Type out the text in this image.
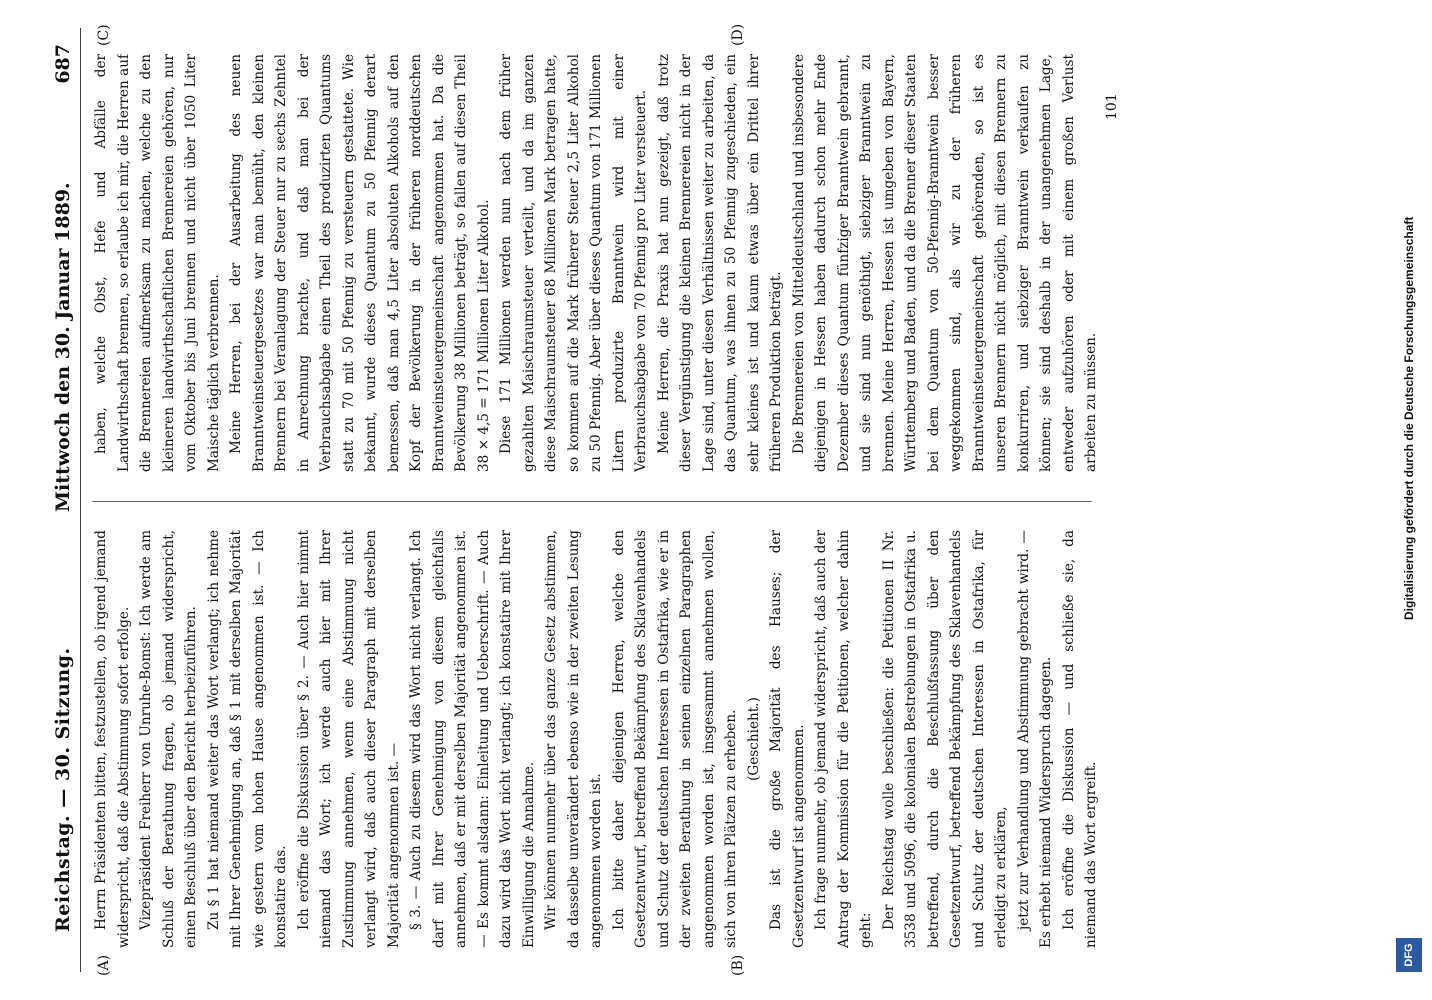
Reichstag. — 30. Sitzung.
Mittwoch den 30. Januar 1889.
687
(A)	(B)
(C)	(D)

Herrn Präsidenten bitten, festzustellen, ob irgend jemand widerspricht, daß die Abstimmung sofort erfolge. Vizepräsident Freiherr von Unruhe-Bomst: Ich werde am Schluß der Berathung fragen, ob jemand widerspricht, einen Beschluß über den Bericht herbeizuführen. Zu § 1 hat niemand weiter das Wort verlangt; ich nehme mit Ihrer Genehmigung an, daß § 1 mit derselben Majorität wie gestern vom hohen Hause angenommen ist. — Ich konstatire das. Ich eröffne die Diskussion über § 2. — Auch hier nimmt niemand das Wort; ich werde auch hier mit Ihrer Zustimmung annehmen, wenn eine Abstimmung nicht verlangt wird, daß auch dieser Paragraph mit derselben Majorität angenommen ist. — § 3. — Auch zu diesem wird das Wort nicht verlangt. Ich darf mit Ihrer Genehmigung von diesem gleichfalls annehmen, daß er mit derselben Majorität angenommen ist. — Es kommt alsdann: Einleitung und Ueberschrift. — Auch dazu wird das Wort nicht verlangt; ich konstatire mit Ihrer Einwilligung die Annahme. Wir können nunmehr über das ganze Gesetz abstimmen, da dasselbe unverändert ebenso wie in der zweiten Lesung angenommen worden ist. Ich bitte daher diejenigen Herren, welche den Gesetzentwurf, betreffend Bekämpfung des Sklavenhandels und Schutz der deutschen Interessen in Ostafrika, wie er in der zweiten Berathung in seinen einzelnen Paragraphen angenommen worden ist, insgesammt annehmen wollen, sich von ihren Plätzen zu erheben. (Geschieht.) Das ist die große Majorität des Hauses; der Gesetzentwurf ist angenommen. Ich frage nunmehr, ob jemand widerspricht, daß auch der Antrag der Kommission für die Petitionen, welcher dahin geht:

Der Reichstag wolle beschließen: die Petitionen II Nr. 3538 und 5096, die kolonialen Bestrebungen in Ostafrika u. betreffend, durch die Beschlußfassung über den Gesetzentwurf, betreffend Bekämpfung des Sklavenhandels und Schutz der deutschen Interessen in Ostafrika, für erledigt zu erklären, jetzt zur Verhandlung und Abstimmung gebracht wird. — Es erhebt niemand Widerspruch dagegen. Ich eröffne die Diskussion — und schließe sie, da niemand das Wort ergreift.

haben, welche Obst, Hefe und Abfälle der Landwirthschaft brennen, so erlaube ich mir, die Herren auf die Brennereien aufmerksam zu machen, welche zu den kleineren landwirthschaftlichen Brennereien gehören, nur vom Oktober bis Juni brennen und nicht über 1050 Liter Maische täglich verbrennen. Meine Herren, bei der Ausarbeitung des neuen Branntweinsteuergesetzes war man bemüht, den kleinen Brennern bei Veranlagung der Steuer nur zu sechs Zehntel in Anrechnung brachte, und daß man bei der Verbrauchsabgabe einen Theil des produzirten Quantums statt zu 70 mit 50 Pfennig zu versteuern gestattete. Wie bekannt, wurde dieses Quantum zu 50 Pfennig derart bemessen, daß man 4,5 Liter absoluten Alkohols auf den Kopf der Bevölkerung in der früheren norddeutschen Branntweinsteuergemeinschaft angenommen hat. Da die Bevölkerung 38 Millionen beträgt, so fallen auf diesen Theil 38 × 4,5 = 171 Millionen Liter Alkohol. Diese 171 Millionen werden nun nach dem früher gezahlten Maischraumsteuer verteilt, und da im ganzen diese Maischraumsteuer 68 Millionen Mark betragen hatte, so kommen auf die Mark früherer Steuer 2,5 Liter Alkohol zu 50 Pfennig. Aber über dieses Quantum von 171 Millionen Litern produzirte Branntwein wird mit einer Verbrauchsabgabe von 70 Pfennig pro Liter versteuert. Meine Herren, die Praxis hat nun gezeigt, daß trotz dieser Vergünstigung die kleinen Brennereien nicht in der Lage sind, unter diesen Verhältnissen weiter zu arbeiten, da das Quantum, was ihnen zu 50 Pfennig zugeschieden, ein sehr kleines ist und kaum etwas über ein Drittel ihrer früheren Produktion beträgt. Die Brennereien von Mitteldeutschland und insbesondere diejenigen in Hessen haben dadurch schon mehr Ende Dezember dieses Quantum fünfziger Branntwein gebrannt, und sie sind nun genöthigt, siebziger Branntwein zu brennen. Meine Herren, Hessen ist umgeben von Bayern, Württemberg und Baden, und da die Brenner dieser Staaten bei dem Quantum von 50-Pfennig-Branntwein besser weggekommen sind, als wir zu der früheren Branntweinsteuergemeinschaft gehörenden, so ist es unseren Brennern nicht möglich, mit diesen Brennern zu konkurriren, und siebziger Branntwein verkaufen zu können; sie sind deshalb in der unangenehmen Lage, entweder aufzuhören oder mit einem großen Verlust arbeiten zu müssen.

101
DFG
Digitalisierung gefördert durch die Deutsche Forschungsgemeinschaft
